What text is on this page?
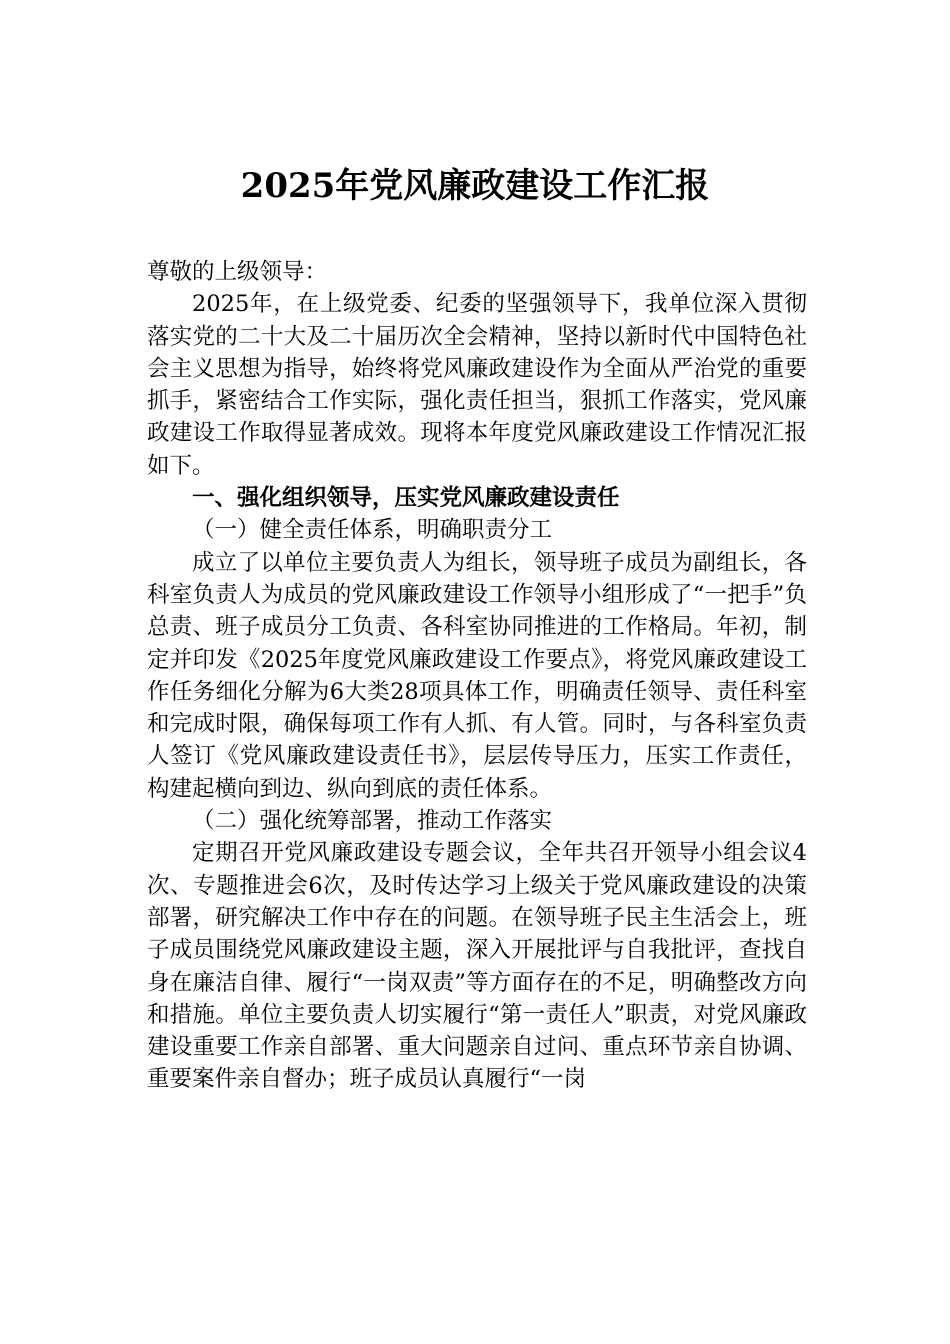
2025年党风廉政建设工作汇报

尊敬的上级领导：

2025年，在上级党委、纪委的坚强领导下，我单位深入贯彻落实党的二十大及二十届历次全会精神，坚持以新时代中国特色社会主义思想为指导，始终将党风廉政建设作为全面从严治党的重要抓手，紧密结合工作实际，强化责任担当，狠抓工作落实，党风廉政建设工作取得显著成效。现将本年度党风廉政建设工作情况汇报如下。

一、强化组织领导，压实党风廉政建设责任

（一）健全责任体系，明确职责分工

成立了以单位主要负责人为组长，领导班子成员为副组长，各科室负责人为成员的党风廉政建设工作领导小组形成了“一把手”负总责、班子成员分工负责、各科室协同推进的工作格局。年初，制定并印发《2025年度党风廉政建设工作要点》，将党风廉政建设工作任务细化分解为6大类28项具体工作，明确责任领导、责任科室和完成时限，确保每项工作有人抓、有人管。同时，与各科室负责人签订《党风廉政建设责任书》，层层传导压力，压实工作责任，构建起横向到边、纵向到底的责任体系。

（二）强化统筹部署，推动工作落实

定期召开党风廉政建设专题会议，全年共召开领导小组会议4次、专题推进会6次，及时传达学习上级关于党风廉政建设的决策部署，研究解决工作中存在的问题。在领导班子民主生活会上，班子成员围绕党风廉政建设主题，深入开展批评与自我批评，查找自身在廉洁自律、履行“一岗双责”等方面存在的不足，明确整改方向和措施。单位主要负责人切实履行“第一责任人”职责，对党风廉政建设重要工作亲自部署、重大问题亲自过问、重点环节亲自协调、重要案件亲自督办；班子成员认真履行“一岗
